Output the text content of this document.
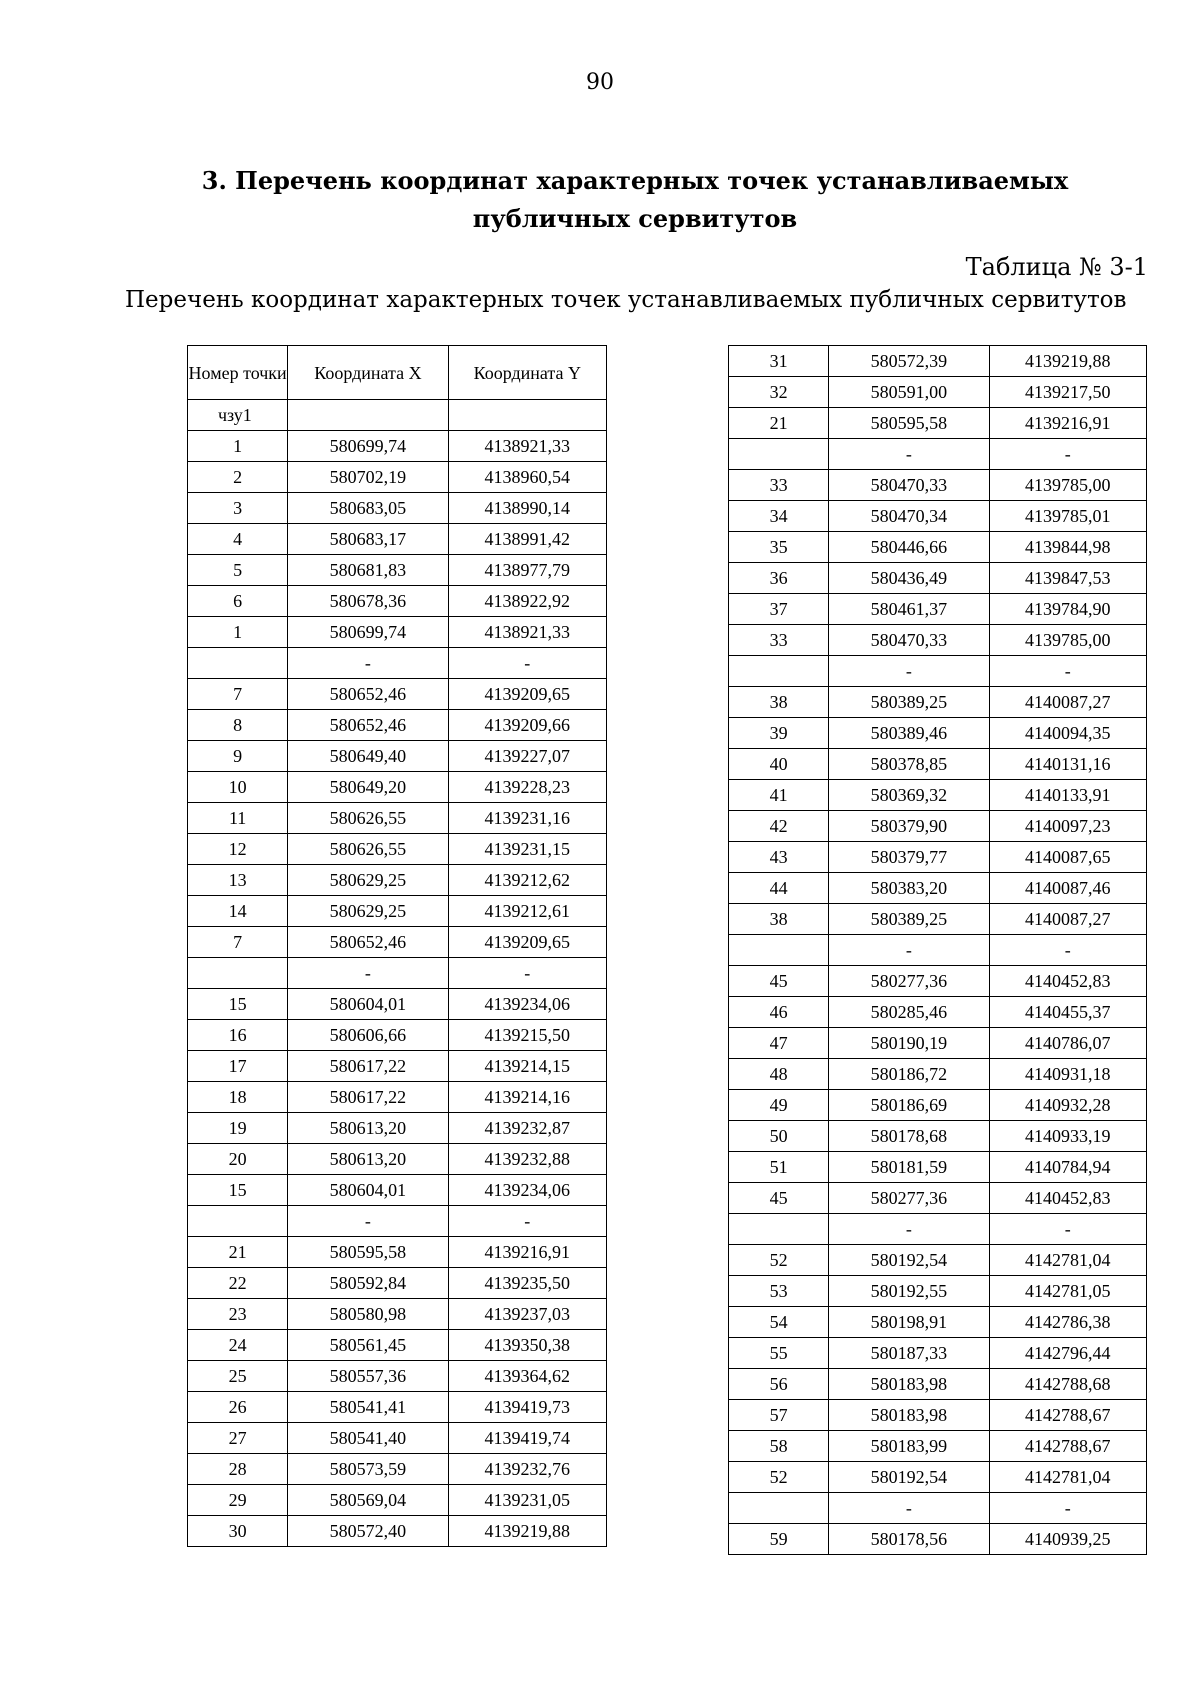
90
3. Перечень координат характерных точек устанавливаемых публичных сервитутов
Таблица № 3-1
Перечень координат характерных точек устанавливаемых публичных сервитутов
Номер точки	Координата X	Координата Y
чзу1		
1	580699,74	4138921,33
2	580702,19	4138960,54
3	580683,05	4138990,14
4	580683,17	4138991,42
5	580681,83	4138977,79
6	580678,36	4138922,92
1	580699,74	4138921,33
	-	-
7	580652,46	4139209,65
8	580652,46	4139209,66
9	580649,40	4139227,07
10	580649,20	4139228,23
11	580626,55	4139231,16
12	580626,55	4139231,15
13	580629,25	4139212,62
14	580629,25	4139212,61
7	580652,46	4139209,65
	-	-
15	580604,01	4139234,06
16	580606,66	4139215,50
17	580617,22	4139214,15
18	580617,22	4139214,16
19	580613,20	4139232,87
20	580613,20	4139232,88
15	580604,01	4139234,06
	-	-
21	580595,58	4139216,91
22	580592,84	4139235,50
23	580580,98	4139237,03
24	580561,45	4139350,38
25	580557,36	4139364,62
26	580541,41	4139419,73
27	580541,40	4139419,74
28	580573,59	4139232,76
29	580569,04	4139231,05
30	580572,40	4139219,88
31	580572,39	4139219,88
32	580591,00	4139217,50
21	580595,58	4139216,91
	-	-
33	580470,33	4139785,00
34	580470,34	4139785,01
35	580446,66	4139844,98
36	580436,49	4139847,53
37	580461,37	4139784,90
33	580470,33	4139785,00
	-	-
38	580389,25	4140087,27
39	580389,46	4140094,35
40	580378,85	4140131,16
41	580369,32	4140133,91
42	580379,90	4140097,23
43	580379,77	4140087,65
44	580383,20	4140087,46
38	580389,25	4140087,27
	-	-
45	580277,36	4140452,83
46	580285,46	4140455,37
47	580190,19	4140786,07
48	580186,72	4140931,18
49	580186,69	4140932,28
50	580178,68	4140933,19
51	580181,59	4140784,94
45	580277,36	4140452,83
	-	-
52	580192,54	4142781,04
53	580192,55	4142781,05
54	580198,91	4142786,38
55	580187,33	4142796,44
56	580183,98	4142788,68
57	580183,98	4142788,67
58	580183,99	4142788,67
52	580192,54	4142781,04
	-	-
59	580178,56	4140939,25
